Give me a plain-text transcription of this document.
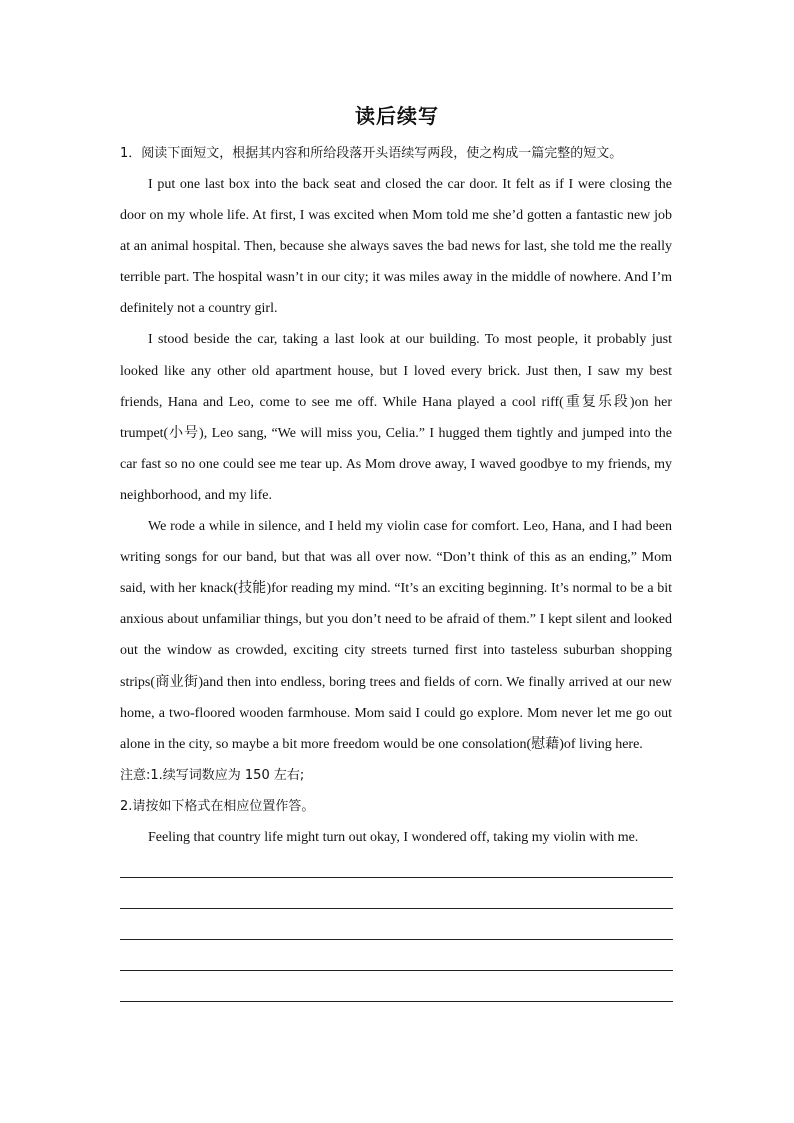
读后续写
1．阅读下面短文，根据其内容和所给段落开头语续写两段，使之构成一篇完整的短文。

I put one last box into the back seat and closed the car door. It felt as if I were closing the door on my whole life. At first, I was excited when Mom told me she’d gotten a fantastic new job at an animal hospital. Then, because she always saves the bad news for last, she told me the really terrible part. The hospital wasn’t in our city; it was miles away in the middle of nowhere. And I’m definitely not a country girl.

I stood beside the car, taking a last look at our building. To most people, it probably just looked like any other old apartment house, but I loved every brick. Just then, I saw my best friends, Hana and Leo, come to see me off. While Hana played a cool riff(重复乐段)on her trumpet(小号), Leo sang, “We will miss you, Celia.” I hugged them tightly and jumped into the car fast so no one could see me tear up. As Mom drove away, I waved goodbye to my friends, my neighborhood, and my life.

We rode a while in silence, and I held my violin case for comfort. Leo, Hana, and I had been writing songs for our band, but that was all over now. “Don’t think of this as an ending,” Mom said, with her knack(技能)for reading my mind. “It’s an exciting beginning. It’s normal to be a bit anxious about unfamiliar things, but you don’t need to be afraid of them.” I kept silent and looked out the window as crowded, exciting city streets turned first into tasteless suburban shopping strips(商业街)and then into endless, boring trees and fields of corn. We finally arrived at our new home, a two-floored wooden farmhouse. Mom said I could go explore. Mom never let me go out alone in the city, so maybe a bit more freedom would be one consolation(慰藉)of living here.

注意:1.续写词数应为 150 左右;

2.请按如下格式在相应位置作答。

Feeling that country life might turn out okay, I wondered off, taking my violin with me.
